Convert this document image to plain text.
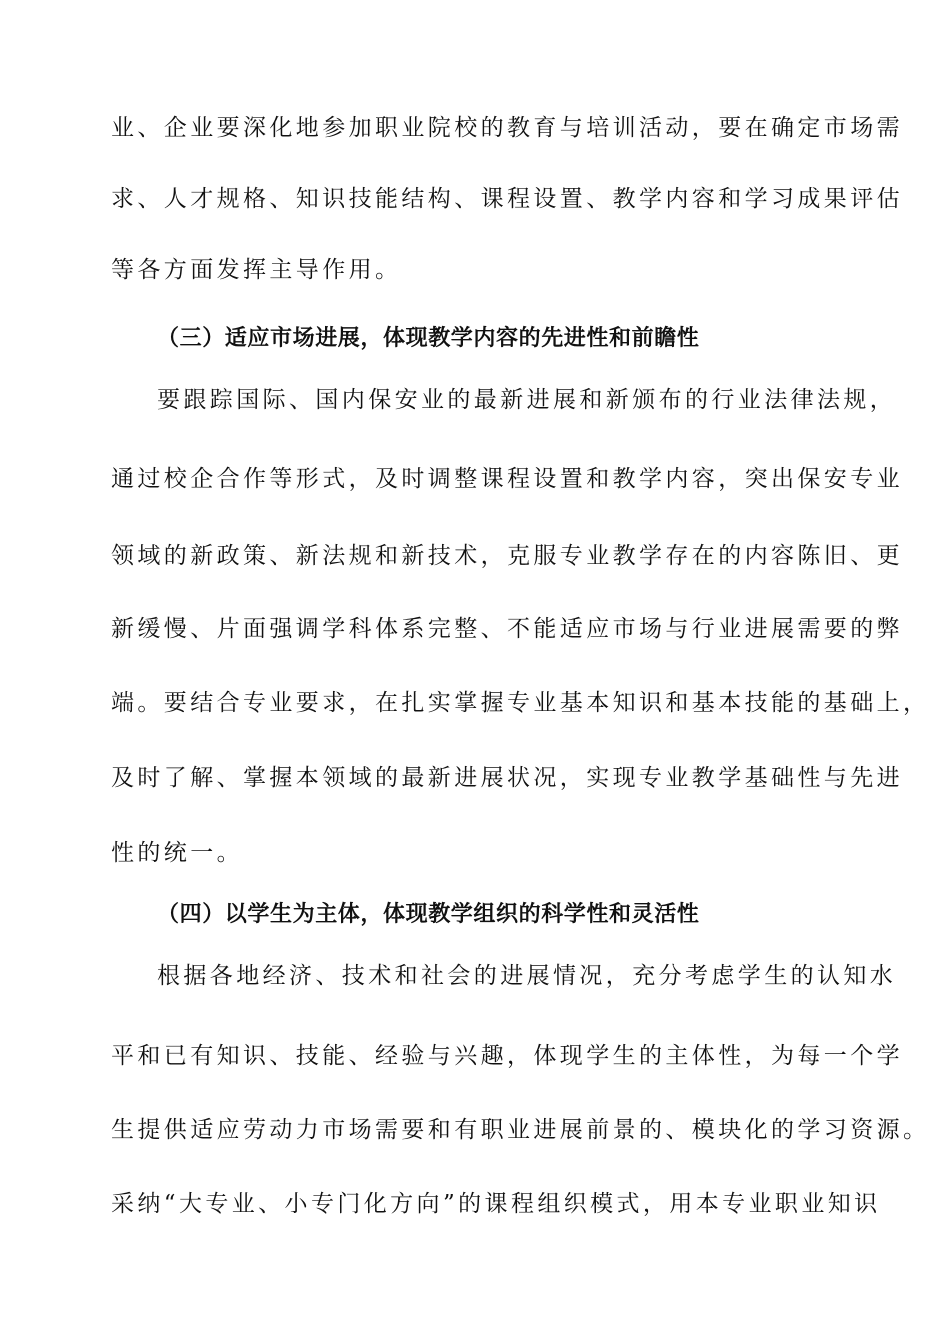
业、企业要深化地参加职业院校的教育与培训活动，要在确定市场需
求、人才规格、知识技能结构、课程设置、教学内容和学习成果评估
等各方面发挥主导作用。
（三）适应市场进展，体现教学内容的先进性和前瞻性
要跟踪国际、国内保安业的最新进展和新颁布的行业法律法规，
通过校企合作等形式，及时调整课程设置和教学内容，突出保安专业
领域的新政策、新法规和新技术，克服专业教学存在的内容陈旧、更
新缓慢、片面强调学科体系完整、不能适应市场与行业进展需要的弊
端。要结合专业要求，在扎实掌握专业基本知识和基本技能的基础上，
及时了解、掌握本领域的最新进展状况，实现专业教学基础性与先进
性的统一。
（四）以学生为主体，体现教学组织的科学性和灵活性
根据各地经济、技术和社会的进展情况，充分考虑学生的认知水
平和已有知识、技能、经验与兴趣，体现学生的主体性，为每一个学
生提供适应劳动力市场需要和有职业进展前景的、模块化的学习资源。
采纳“大专业、小专门化方向”的课程组织模式，用本专业职业知识
